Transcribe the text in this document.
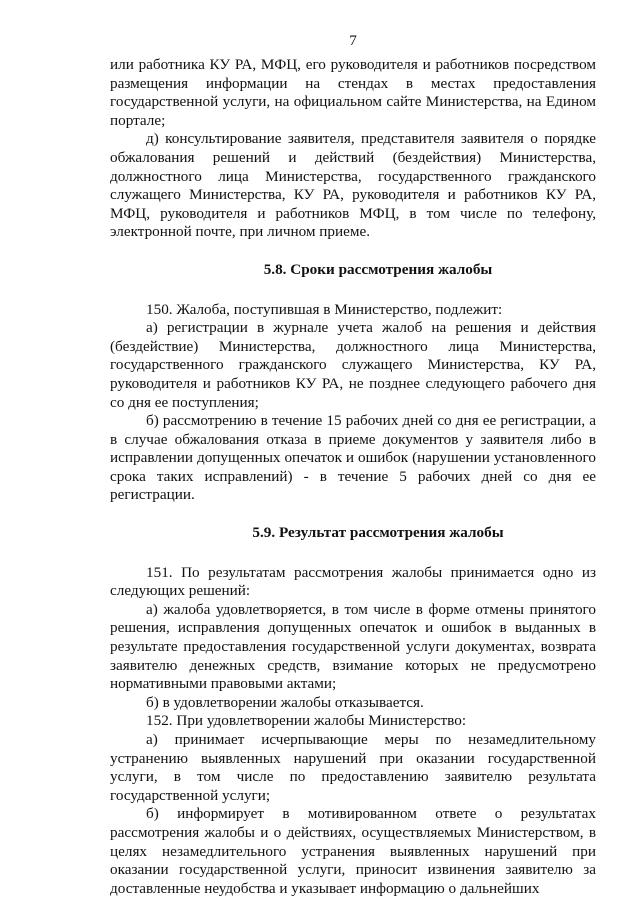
7

или работника КУ РА, МФЦ, его руководителя и работников посредством размещения информации на стендах в местах предоставления государственной услуги, на официальном сайте Министерства, на Едином портале;

д) консультирование заявителя, представителя заявителя о порядке обжалования решений и действий (бездействия) Министерства, должностного лица Министерства, государственного гражданского служащего Министерства, КУ РА, руководителя и работников КУ РА, МФЦ, руководителя и работников МФЦ, в том числе по телефону, электронной почте, при личном приеме.

5.8. Сроки рассмотрения жалобы

150. Жалоба, поступившая в Министерство, подлежит:

а) регистрации в журнале учета жалоб на решения и действия (бездействие) Министерства, должностного лица Министерства, государственного гражданского служащего Министерства, КУ РА, руководителя и работников КУ РА, не позднее следующего рабочего дня со дня ее поступления;

б) рассмотрению в течение 15 рабочих дней со дня ее регистрации, а в случае обжалования отказа в приеме документов у заявителя либо в исправлении допущенных опечаток и ошибок (нарушении установленного срока таких исправлений) - в течение 5 рабочих дней со дня ее регистрации.

5.9. Результат рассмотрения жалобы

151. По результатам рассмотрения жалобы принимается одно из следующих решений:

а) жалоба удовлетворяется, в том числе в форме отмены принятого решения, исправления допущенных опечаток и ошибок в выданных в результате предоставления государственной услуги документах, возврата заявителю денежных средств, взимание которых не предусмотрено нормативными правовыми актами;

б) в удовлетворении жалобы отказывается.

152. При удовлетворении жалобы Министерство:

а) принимает исчерпывающие меры по незамедлительному устранению выявленных нарушений при оказании государственной услуги, в том числе по предоставлению заявителю результата государственной услуги;

б) информирует в мотивированном ответе о результатах рассмотрения жалобы и о действиях, осуществляемых Министерством, в целях незамедлительного устранения выявленных нарушений при оказании государственной услуги, приносит извинения заявителю за доставленные неудобства и указывает информацию о дальнейших
